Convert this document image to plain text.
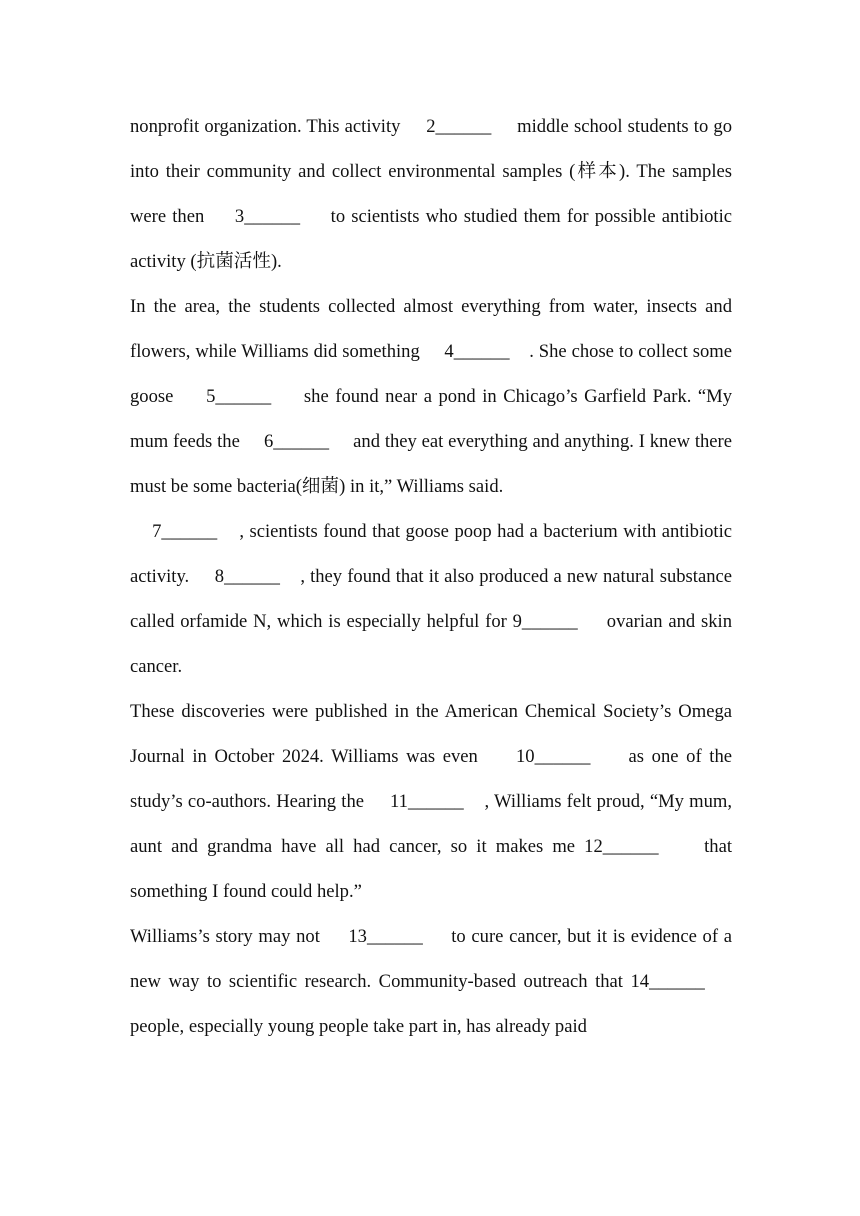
nonprofit organization. This activity     2______     middle school students to go into their community and collect environmental samples (样本). The samples were then     3______     to scientists who studied them for possible antibiotic activity (抗菌活性).

In the area, the students collected almost everything from water, insects and flowers, while Williams did something     4______    . She chose to collect some goose     5______     she found near a pond in Chicago’s Garfield Park. “My mum feeds the     6______     and they eat everything and anything. I knew there must be some bacteria(细菌) in it,” Williams said.

7______    , scientists found that goose poop had a bacterium with antibiotic activity.     8______    , they found that it also produced a new natural substance called orfamide N, which is especially helpful for 9______     ovarian and skin cancer.

These discoveries were published in the American Chemical Society’s Omega Journal in October 2024. Williams was even     10______     as one of the study’s co-authors. Hearing the     11______    , Williams felt proud, “My mum, aunt and grandma have all had cancer, so it makes me 12______     that something I found could help.”

Williams’s story may not     13______     to cure cancer, but it is evidence of a new way to scientific research. Community-based outreach that 14______     people, especially young people take part in, has already paid
